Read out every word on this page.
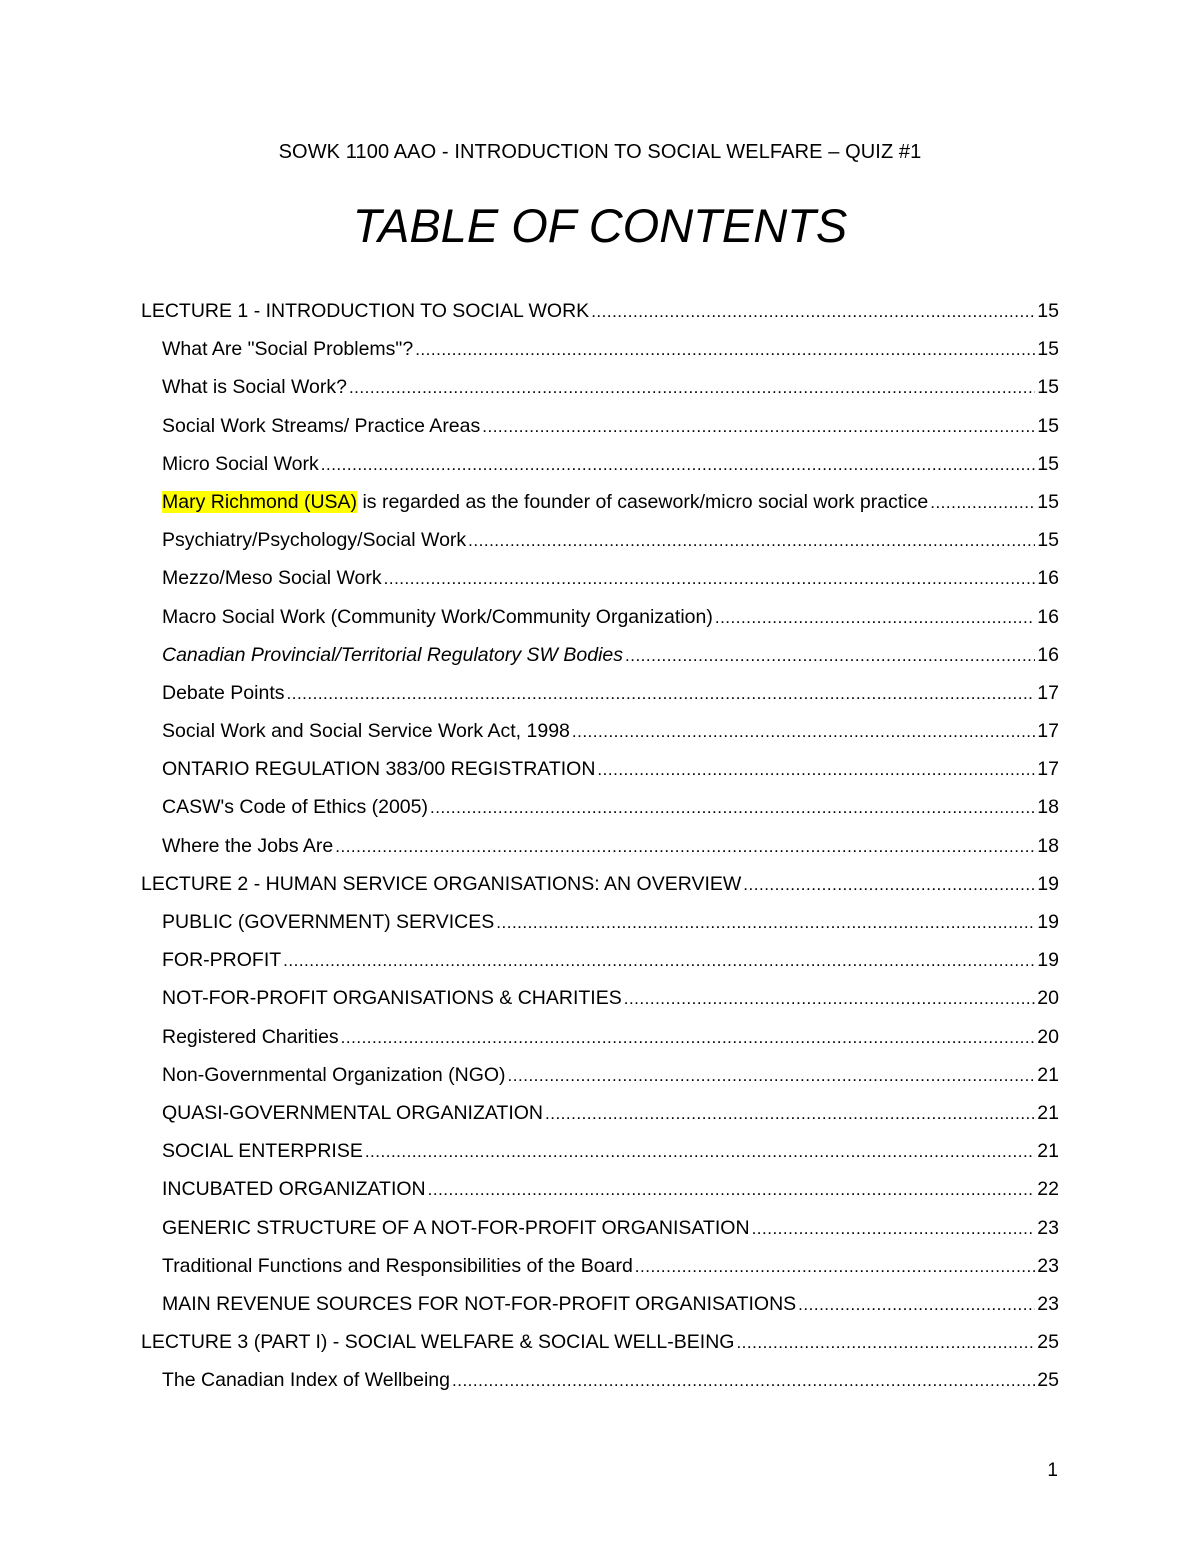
SOWK 1100 AAO - INTRODUCTION TO SOCIAL WELFARE – QUIZ #1
TABLE OF CONTENTS
LECTURE 1 - INTRODUCTION TO SOCIAL WORK .....	15
What Are "Social Problems"? .....	15
What is Social Work? .....	15
Social Work Streams/ Practice Areas .....	15
Micro Social Work .....	15
Mary Richmond (USA) is regarded as the founder of casework/micro social work practice .....	15
Psychiatry/Psychology/Social Work .....	15
Mezzo/Meso Social Work .....	16
Macro Social Work (Community Work/Community Organization) .....	16
Canadian Provincial/Territorial Regulatory SW Bodies .....	16
Debate Points .....	17
Social Work and Social Service Work Act, 1998 .....	17
ONTARIO REGULATION 383/00 REGISTRATION .....	17
CASW's Code of Ethics (2005) .....	18
Where the Jobs Are .....	18
LECTURE 2 - HUMAN SERVICE ORGANISATIONS: AN OVERVIEW .....	19
PUBLIC (GOVERNMENT) SERVICES .....	19
FOR-PROFIT .....	19
NOT-FOR-PROFIT ORGANISATIONS & CHARITIES .....	20
Registered Charities .....	20
Non-Governmental Organization (NGO) .....	21
QUASI-GOVERNMENTAL ORGANIZATION .....	21
SOCIAL ENTERPRISE .....	21
INCUBATED ORGANIZATION .....	22
GENERIC STRUCTURE OF A NOT-FOR-PROFIT ORGANISATION .....	23
Traditional Functions and Responsibilities of the Board .....	23
MAIN REVENUE SOURCES FOR NOT-FOR-PROFIT ORGANISATIONS .....	23
LECTURE 3 (PART I) - SOCIAL WELFARE & SOCIAL WELL-BEING .....	25
The Canadian Index of Wellbeing .....	25
1
